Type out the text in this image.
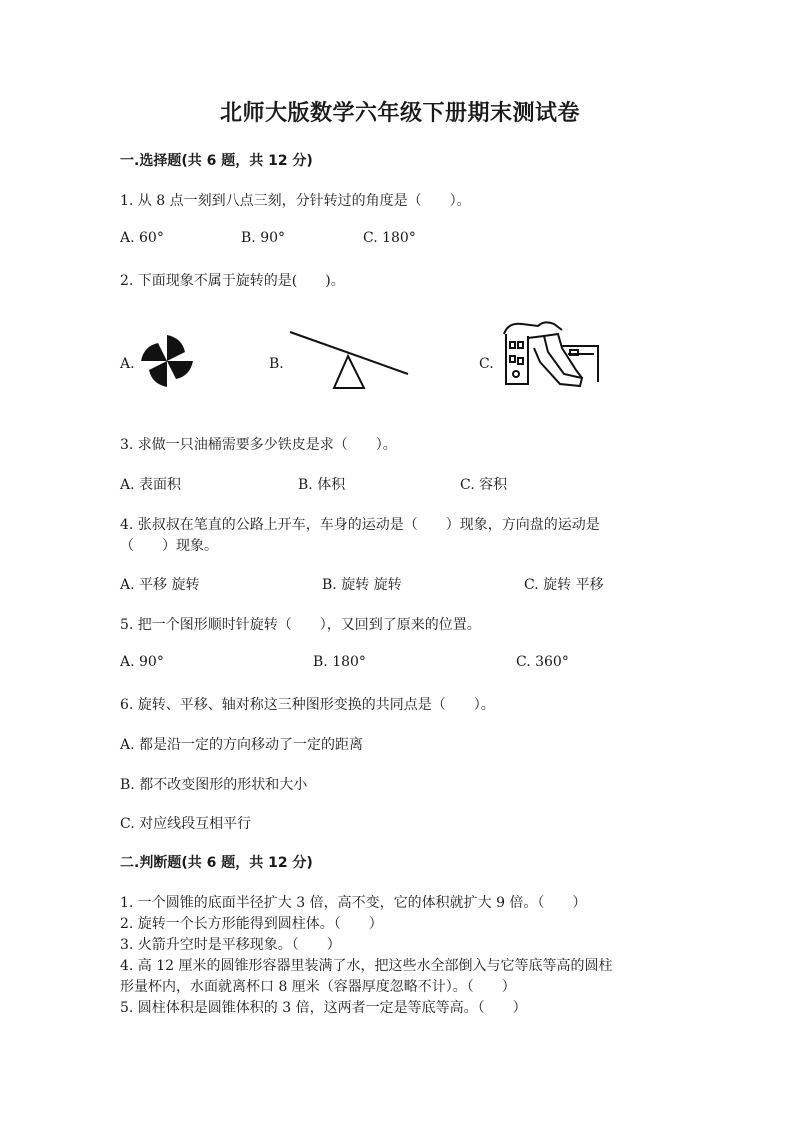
北师大版数学六年级下册期末测试卷
一.选择题(共 6 题，共 12 分)
1. 从 8 点一刻到八点三刻，分针转过的角度是（　　）。
A. 60°	B. 90°	C. 180°
2. 下面现象不属于旋转的是(　　)。
A.	B.	C.
3. 求做一只油桶需要多少铁皮是求（　　）。
A. 表面积	B. 体积	C. 容积
4. 张叔叔在笔直的公路上开车，车身的运动是（　　）现象，方向盘的运动是
（　　）现象。
A. 平移 旋转	B. 旋转 旋转	C. 旋转 平移
5. 把一个图形顺时针旋转（　　），又回到了原来的位置。
A. 90°	B. 180°	C. 360°
6. 旋转、平移、轴对称这三种图形变换的共同点是（　　）。
A. 都是沿一定的方向移动了一定的距离
B. 都不改变图形的形状和大小
C. 对应线段互相平行
二.判断题(共 6 题，共 12 分)
1. 一个圆锥的底面半径扩大 3 倍，高不变，它的体积就扩大 9 倍。（　　）
2. 旋转一个长方形能得到圆柱体。（　　）
3. 火箭升空时是平移现象。（　　）
4. 高 12 厘米的圆锥形容器里装满了水，把这些水全部倒入与它等底等高的圆柱
形量杯内，水面就离杯口 8 厘米（容器厚度忽略不计）。（　　）
5. 圆柱体积是圆锥体积的 3 倍，这两者一定是等底等高。（　　）
